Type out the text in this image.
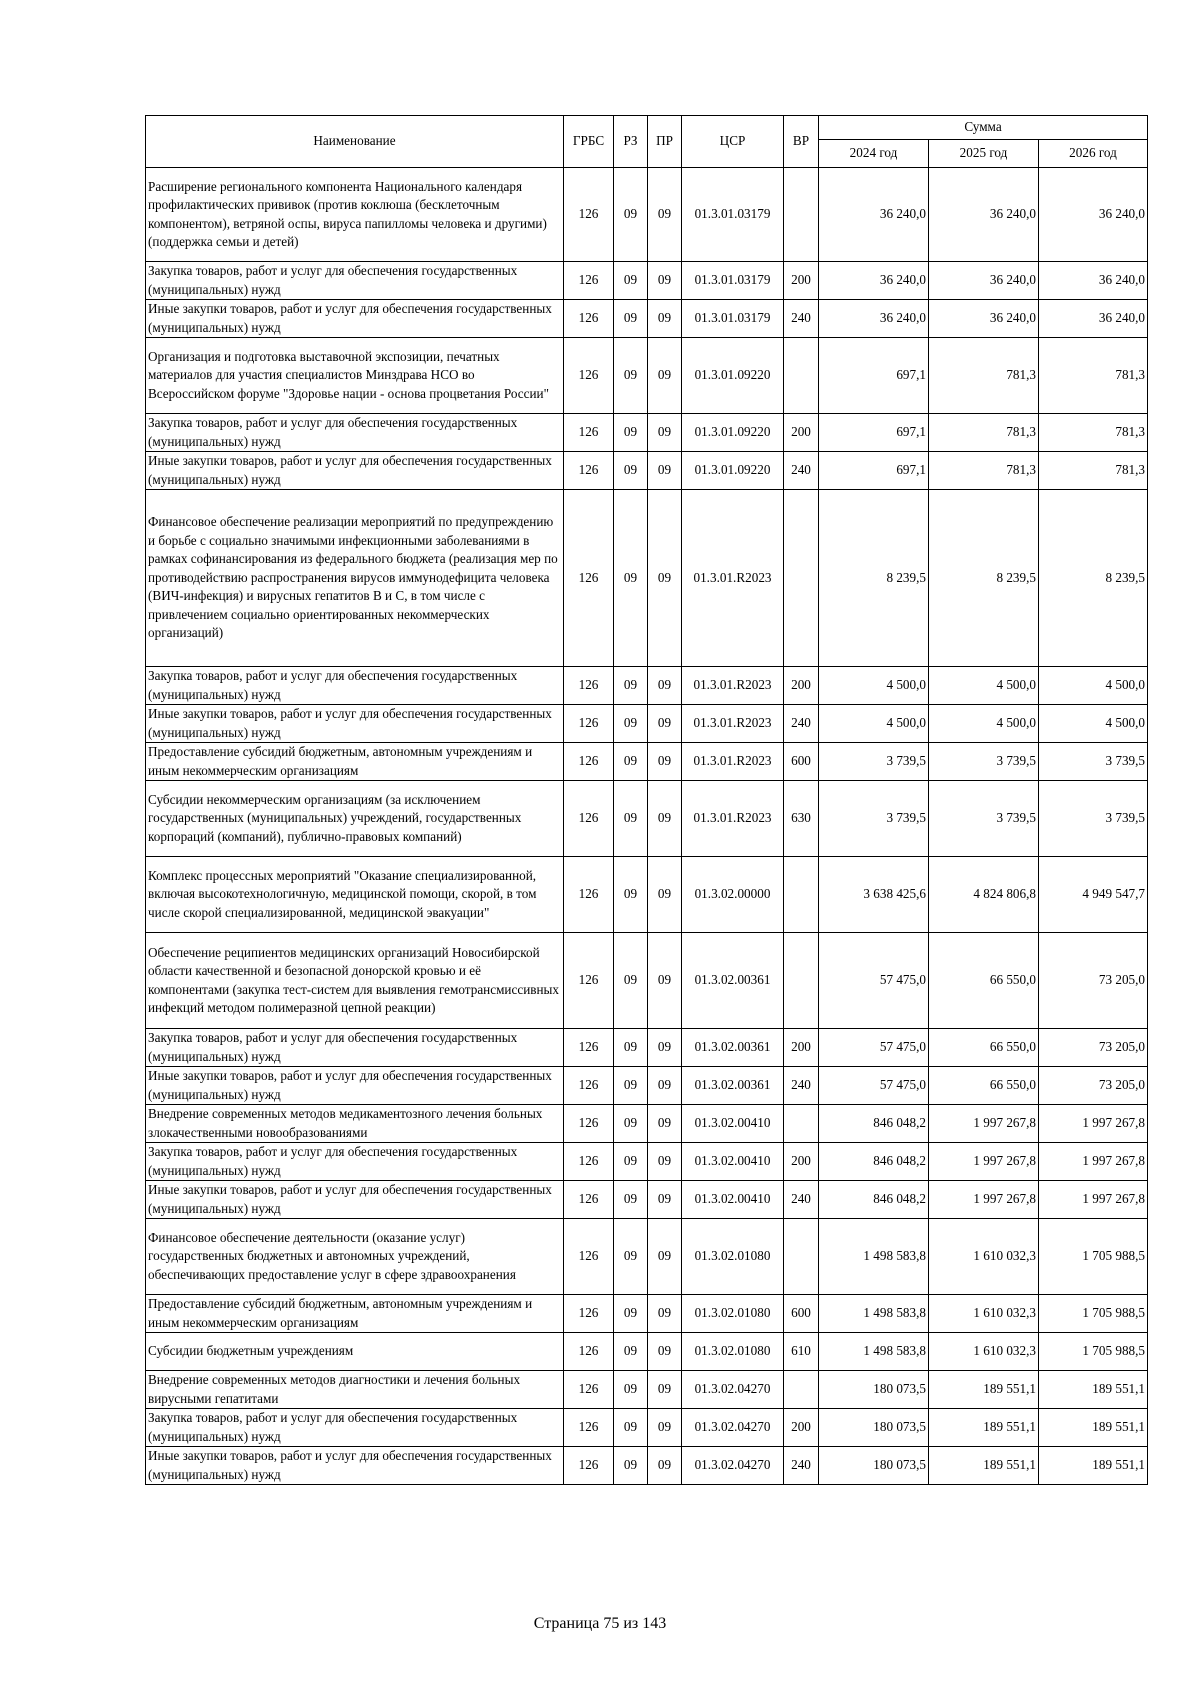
Наименование	ГРБС	РЗ	ПР	ЦСР	ВР	Сумма		
						2024 год	2025 год	2026 год
Расширение регионального компонента Национального календаря профилактических прививок (против коклюша (бесклеточным компонентом), ветряной оспы, вируса папилломы человека и другими) (поддержка семьи и детей)	126	09	09	01.3.01.03179		36 240,0	36 240,0	36 240,0
Закупка товаров, работ и услуг для обеспечения государственных (муниципальных) нужд	126	09	09	01.3.01.03179	200	36 240,0	36 240,0	36 240,0
Иные закупки товаров, работ и услуг для обеспечения государственных (муниципальных) нужд	126	09	09	01.3.01.03179	240	36 240,0	36 240,0	36 240,0
Организация и подготовка выставочной экспозиции, печатных материалов для участия специалистов Минздрава НСО во Всероссийском форуме "Здоровье нации - основа процветания России"	126	09	09	01.3.01.09220		697,1	781,3	781,3
Закупка товаров, работ и услуг для обеспечения государственных (муниципальных) нужд	126	09	09	01.3.01.09220	200	697,1	781,3	781,3
Иные закупки товаров, работ и услуг для обеспечения государственных (муниципальных) нужд	126	09	09	01.3.01.09220	240	697,1	781,3	781,3
Финансовое обеспечение реализации мероприятий по предупреждению и борьбе с социально значимыми инфекционными заболеваниями в рамках софинансирования из федерального бюджета (реализация мер по противодействию распространения вирусов иммунодефицита человека (ВИЧ-инфекция) и вирусных гепатитов В и С, в том числе с привлечением социально ориентированных некоммерческих организаций)	126	09	09	01.3.01.R2023		8 239,5	8 239,5	8 239,5
Закупка товаров, работ и услуг для обеспечения государственных (муниципальных) нужд	126	09	09	01.3.01.R2023	200	4 500,0	4 500,0	4 500,0
Иные закупки товаров, работ и услуг для обеспечения государственных (муниципальных) нужд	126	09	09	01.3.01.R2023	240	4 500,0	4 500,0	4 500,0
Предоставление субсидий бюджетным, автономным учреждениям и иным некоммерческим организациям	126	09	09	01.3.01.R2023	600	3 739,5	3 739,5	3 739,5
Субсидии некоммерческим организациям (за исключением государственных (муниципальных) учреждений, государственных корпораций (компаний), публично-правовых компаний)	126	09	09	01.3.01.R2023	630	3 739,5	3 739,5	3 739,5
Комплекс процессных мероприятий "Оказание специализированной, включая высокотехнологичную, медицинской помощи, скорой, в том числе скорой специализированной, медицинской эвакуации"	126	09	09	01.3.02.00000		3 638 425,6	4 824 806,8	4 949 547,7
Обеспечение реципиентов медицинских организаций Новосибирской области качественной и безопасной донорской кровью и её компонентами (закупка тест-систем для выявления гемотрансмиссивных инфекций методом полимеразной цепной реакции)	126	09	09	01.3.02.00361		57 475,0	66 550,0	73 205,0
Закупка товаров, работ и услуг для обеспечения государственных (муниципальных) нужд	126	09	09	01.3.02.00361	200	57 475,0	66 550,0	73 205,0
Иные закупки товаров, работ и услуг для обеспечения государственных (муниципальных) нужд	126	09	09	01.3.02.00361	240	57 475,0	66 550,0	73 205,0
Внедрение современных методов медикаментозного лечения больных злокачественными новообразованиями	126	09	09	01.3.02.00410		846 048,2	1 997 267,8	1 997 267,8
Закупка товаров, работ и услуг для обеспечения государственных (муниципальных) нужд	126	09	09	01.3.02.00410	200	846 048,2	1 997 267,8	1 997 267,8
Иные закупки товаров, работ и услуг для обеспечения государственных (муниципальных) нужд	126	09	09	01.3.02.00410	240	846 048,2	1 997 267,8	1 997 267,8
Финансовое обеспечение деятельности (оказание услуг) государственных бюджетных и автономных учреждений, обеспечивающих предоставление услуг в сфере здравоохранения	126	09	09	01.3.02.01080		1 498 583,8	1 610 032,3	1 705 988,5
Предоставление субсидий бюджетным, автономным учреждениям и иным некоммерческим организациям	126	09	09	01.3.02.01080	600	1 498 583,8	1 610 032,3	1 705 988,5
Субсидии бюджетным учреждениям	126	09	09	01.3.02.01080	610	1 498 583,8	1 610 032,3	1 705 988,5
Внедрение современных методов диагностики и лечения больных вирусными гепатитами	126	09	09	01.3.02.04270		180 073,5	189 551,1	189 551,1
Закупка товаров, работ и услуг для обеспечения государственных (муниципальных) нужд	126	09	09	01.3.02.04270	200	180 073,5	189 551,1	189 551,1
Иные закупки товаров, работ и услуг для обеспечения государственных (муниципальных) нужд	126	09	09	01.3.02.04270	240	180 073,5	189 551,1	189 551,1
Страница 75 из 143
